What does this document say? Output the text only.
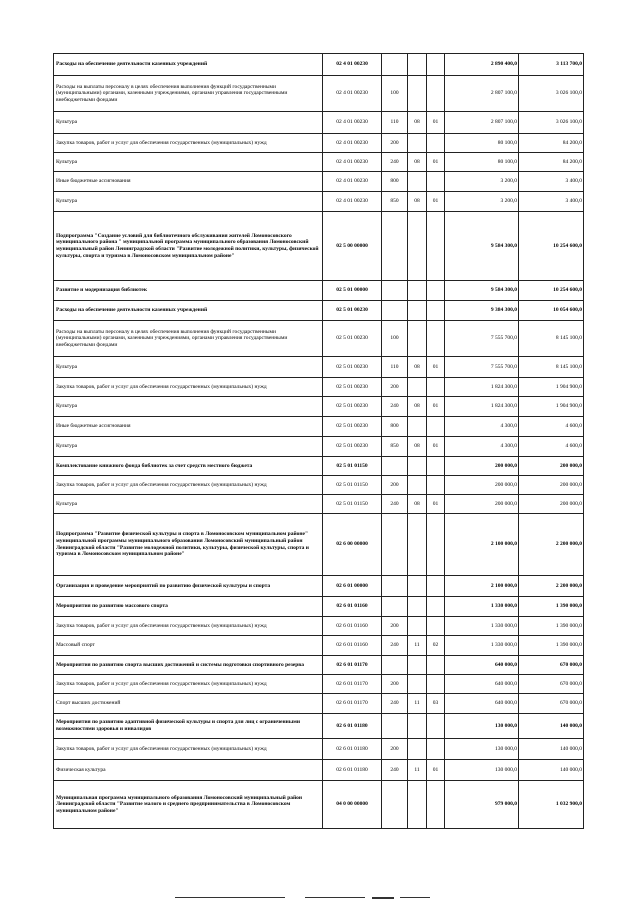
Расходы на обеспечение деятельности казенных учреждений	02 4 01 00230				2 890 400,0	3 113 700,0
Расходы на выплаты персоналу в целях обеспечения выполнения функций государственными (муниципальными) органами, казенными учреждениями, органами управления государственными внебюджетными фондами	02 4 01 00230	100			2 807 100,0	3 026 100,0
Культура	02 4 01 00230	110	08	01	2 807 100,0	3 026 100,0
Закупка товаров, работ и услуг для обеспечения государственных (муниципальных) нужд	02 4 01 00230	200			80 100,0	84 200,0
Культура	02 4 01 00230	240	08	01	80 100,0	84 200,0
Иные бюджетные ассигнования	02 4 01 00230	800			3 200,0	3 400,0
Культура	02 4 01 00230	850	08	01	3 200,0	3 400,0
Подпрограмма "Создание условий для библиотечного обслуживания жителей Ломоносовского муниципального района " муниципальной программа муниципального образования Ломоносовский муниципальный район Ленинградской области "Развитие молодежной политики, культуры, физической культуры, спорта и туризма в Ломоносовском муниципальном районе"	02 5 00 00000				9 584 300,0	10 254 600,0
Развитие и модернизация библиотек	02 5 01 00000				9 584 300,0	10 254 600,0
Расходы на обеспечение деятельности казенных учреждений	02 5 01 00230				9 384 300,0	10 054 600,0
Расходы на выплаты персоналу в целях обеспечения выполнения функций государственными (муниципальными) органами, казенными учреждениями, органами управления государственными внебюджетными фондами	02 5 01 00230	100			7 555 700,0	8 145 100,0
Культура	02 5 01 00230	110	08	01	7 555 700,0	8 145 100,0
Закупка товаров, работ и услуг для обеспечения государственных (муниципальных) нужд	02 5 01 00230	200			1 824 300,0	1 904 900,0
Культура	02 5 01 00230	240	08	01	1 824 300,0	1 904 900,0
Иные бюджетные ассигнования	02 5 01 00230	800			4 300,0	4 600,0
Культура	02 5 01 00230	850	08	01	4 300,0	4 600,0
Комплектование книжного фонда библиотек за счет средств местного бюджета	02 5 01 01150				200 000,0	200 000,0
Закупка товаров, работ и услуг для обеспечения государственных (муниципальных) нужд	02 5 01 01150	200			200 000,0	200 000,0
Культура	02 5 01 01150	240	08	01	200 000,0	200 000,0
Подпрограмма "Развитие физической культуры и спорта в Ломоносовском муниципальном районе" муниципальной программы муниципального образования Ломоносовский муниципальный район Ленинградской области "Развитие молодежной политики, культуры, физической культуры, спорта и туризма в Ломоносовском муниципальном районе"	02 6 00 00000				2 100 000,0	2 200 000,0
Организация и проведение мероприятий по развитию физической культуры и спорта	02 6 01 00000				2 100 000,0	2 200 000,0
Мероприятия по развитию массового спорта	02 6 01 01160				1 330 000,0	1 390 000,0
Закупка товаров, работ и услуг для обеспечения государственных (муниципальных) нужд	02 6 01 01160	200			1 330 000,0	1 390 000,0
Массовый спорт	02 6 01 01160	240	11	02	1 330 000,0	1 390 000,0
Мероприятия по развитию спорта высших достижений и системы подготовки спортивного резерва	02 6 01 01170				640 000,0	670 000,0
Закупка товаров, работ и услуг для обеспечения государственных (муниципальных) нужд	02 6 01 01170	200			640 000,0	670 000,0
Спорт высших достижений	02 6 01 01170	240	11	03	640 000,0	670 000,0
Мероприятия по развитию адаптивной физической культуры и спорта для лиц с ограниченными возможностями здоровья и инвалидов	02 6 01 01180				130 000,0	140 000,0
Закупка товаров, работ и услуг для обеспечения государственных (муниципальных) нужд	02 6 01 01180	200			130 000,0	140 000,0
Физическая культура	02 6 01 01180	240	11	01	130 000,0	140 000,0
Муниципальная программа муниципального образования Ломоносовский муниципальный район Ленинградской области "Развитие малого и среднего предпринимательства в Ломоносовском муниципальном районе"	04 0 00 00000				979 000,0	1 032 900,0
